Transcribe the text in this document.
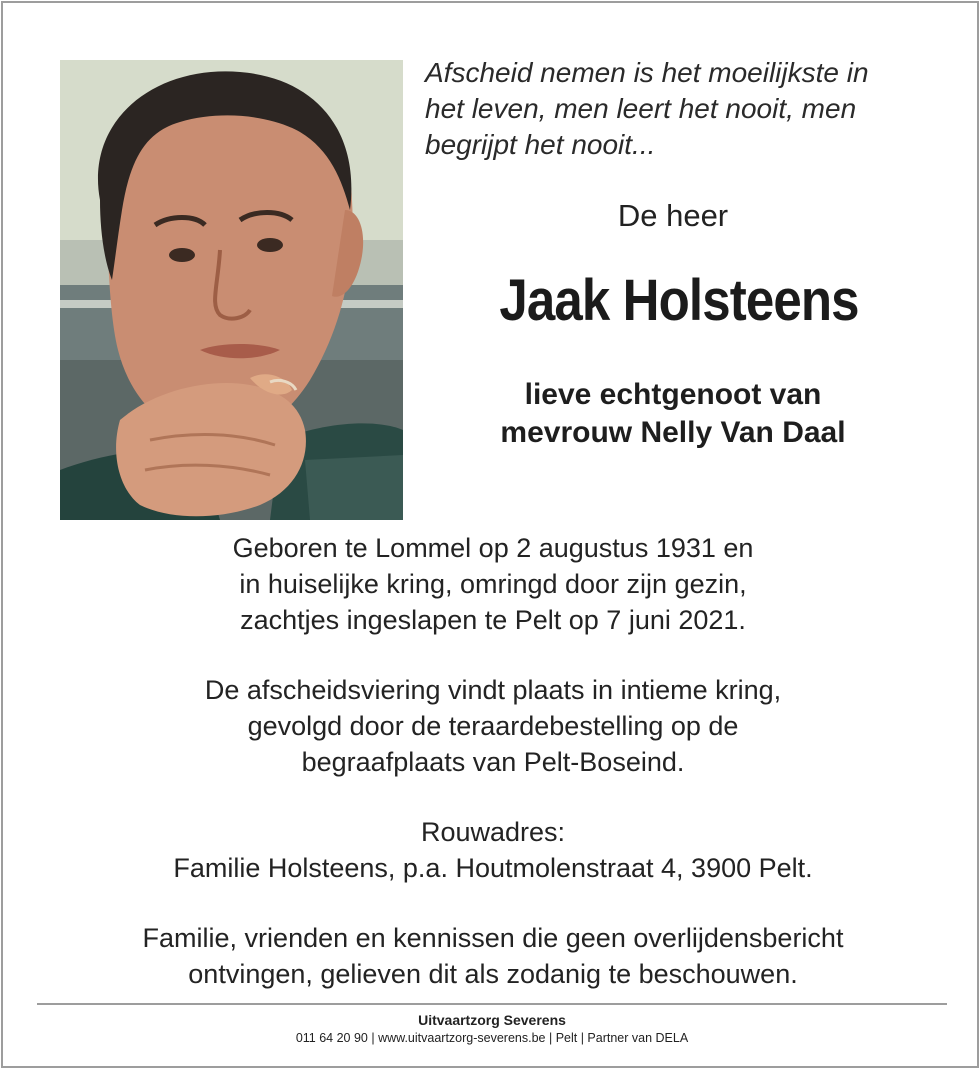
Afscheid nemen is het moeilijkste in
het leven, men leert het nooit, men
begrijpt het nooit...
De heer
Jaak Holsteens
lieve echtgenoot van
mevrouw Nelly Van Daal
Geboren te Lommel op 2 augustus 1931 en
in huiselijke kring, omringd door zijn gezin,
zachtjes ingeslapen te Pelt op 7 juni 2021.
De afscheidsviering vindt plaats in intieme kring,
gevolgd door de teraardebestelling op de
begraafplaats van Pelt-Boseind.
Rouwadres:
Familie Holsteens, p.a. Houtmolenstraat 4, 3900 Pelt.
Familie, vrienden en kennissen die geen overlijdensbericht
ontvingen, gelieven dit als zodanig te beschouwen.
Uitvaartzorg Severens
011 64 20 90 | www.uitvaartzorg-severens.be | Pelt | Partner van DELA
